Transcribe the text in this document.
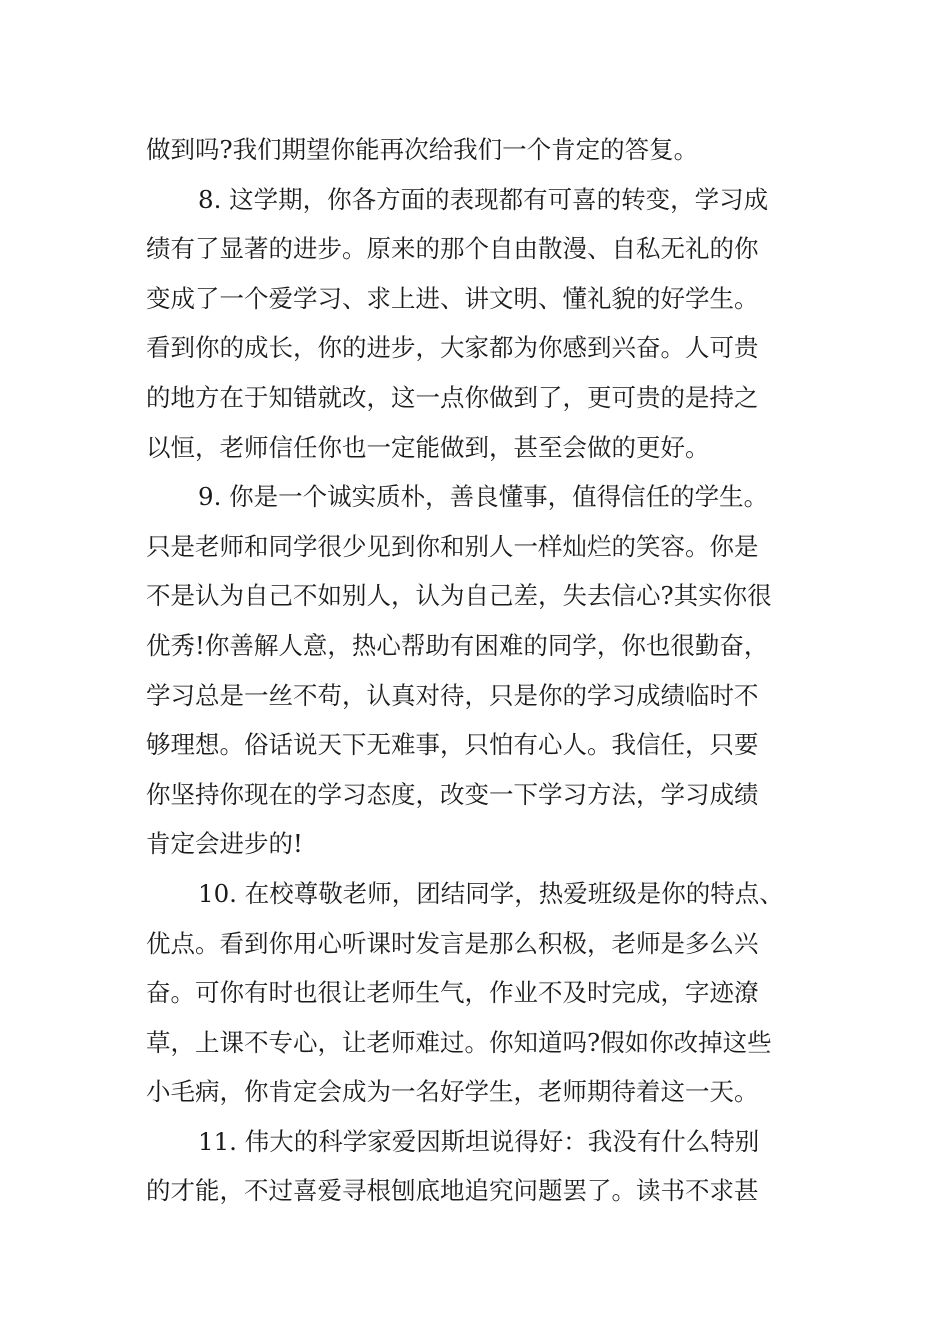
做到吗?我们期望你能再次给我们一个肯定的答复。
8. 这学期，你各方面的表现都有可喜的转变，学习成
绩有了显著的进步。原来的那个自由散漫、自私无礼的你
变成了一个爱学习、求上进、讲文明、懂礼貌的好学生。
看到你的成长，你的进步，大家都为你感到兴奋。人可贵
的地方在于知错就改，这一点你做到了，更可贵的是持之
以恒，老师信任你也一定能做到，甚至会做的更好。
9. 你是一个诚实质朴，善良懂事，值得信任的学生。
只是老师和同学很少见到你和别人一样灿烂的笑容。你是
不是认为自己不如别人，认为自己差，失去信心?其实你很
优秀!你善解人意，热心帮助有困难的同学，你也很勤奋，
学习总是一丝不苟，认真对待，只是你的学习成绩临时不
够理想。俗话说天下无难事，只怕有心人。我信任，只要
你坚持你现在的学习态度，改变一下学习方法，学习成绩
肯定会进步的!
10. 在校尊敬老师，团结同学，热爱班级是你的特点、
优点。看到你用心听课时发言是那么积极，老师是多么兴
奋。可你有时也很让老师生气，作业不及时完成，字迹潦
草，上课不专心，让老师难过。你知道吗?假如你改掉这些
小毛病，你肯定会成为一名好学生，老师期待着这一天。
11. 伟大的科学家爱因斯坦说得好：我没有什么特别
的才能，不过喜爱寻根刨底地追究问题罢了。读书不求甚
